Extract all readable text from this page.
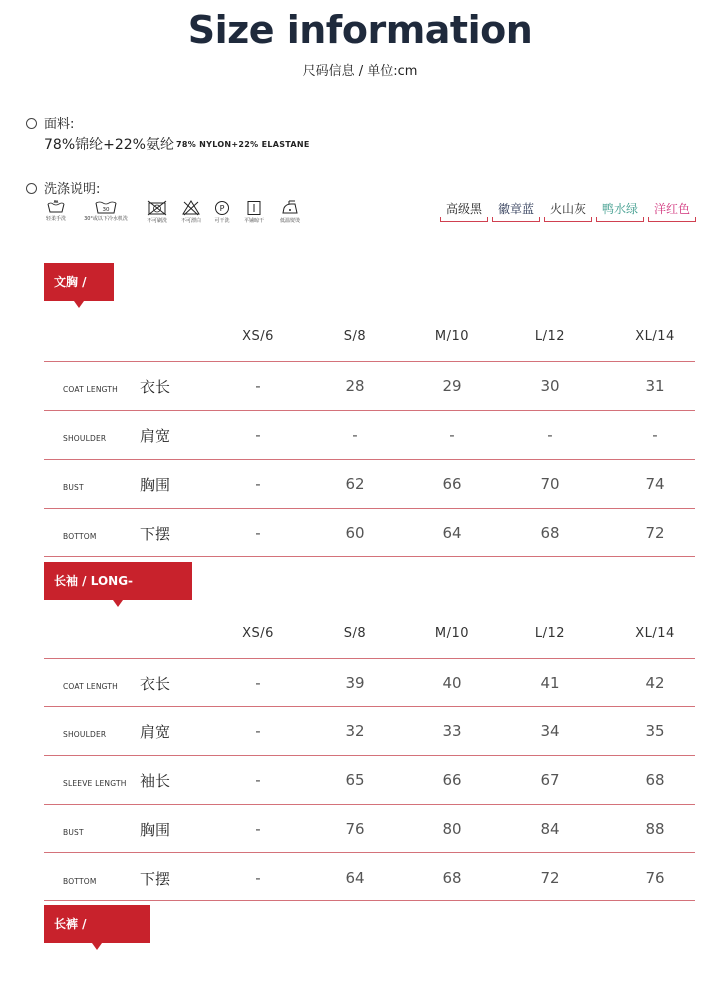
Size information
尺码信息 / 单位:cm
面料:
78%锦纶+22%氨纶 78% NYLON+22% ELASTANE
洗涤说明:
轻柔手洗
30
30°或以下冷水机洗	不可刷洗	不可漂白
P
可干洗	平铺晾干	低温熨烫
高级黑	徽章蓝	火山灰	鸭水绿	洋红色
文胸 / BRA
XS/6	S/8	M/10	L/12	XL/14
COAT LENGTH 衣长	-	28	29	30	31
SHOULDER 肩宽	-	-	-	-	-
BUST	胸围	-	62	66	70	74
BOTTOM	下摆	-	60	64	68	72
长袖 / LONG-SLEEVED
XS/6	S/8	M/10	L/12	XL/14
COAT LENGTH 衣长	-	39	40	41	42
SHOULDER 肩宽	-	32	33	34	35
SLEEVE LENGTH 袖长	-	65	66	67	68
BUST	胸围	-	76	80	84	88
BOTTOM	下摆	-	64	68	72	76
长裤 / TROUSERS
